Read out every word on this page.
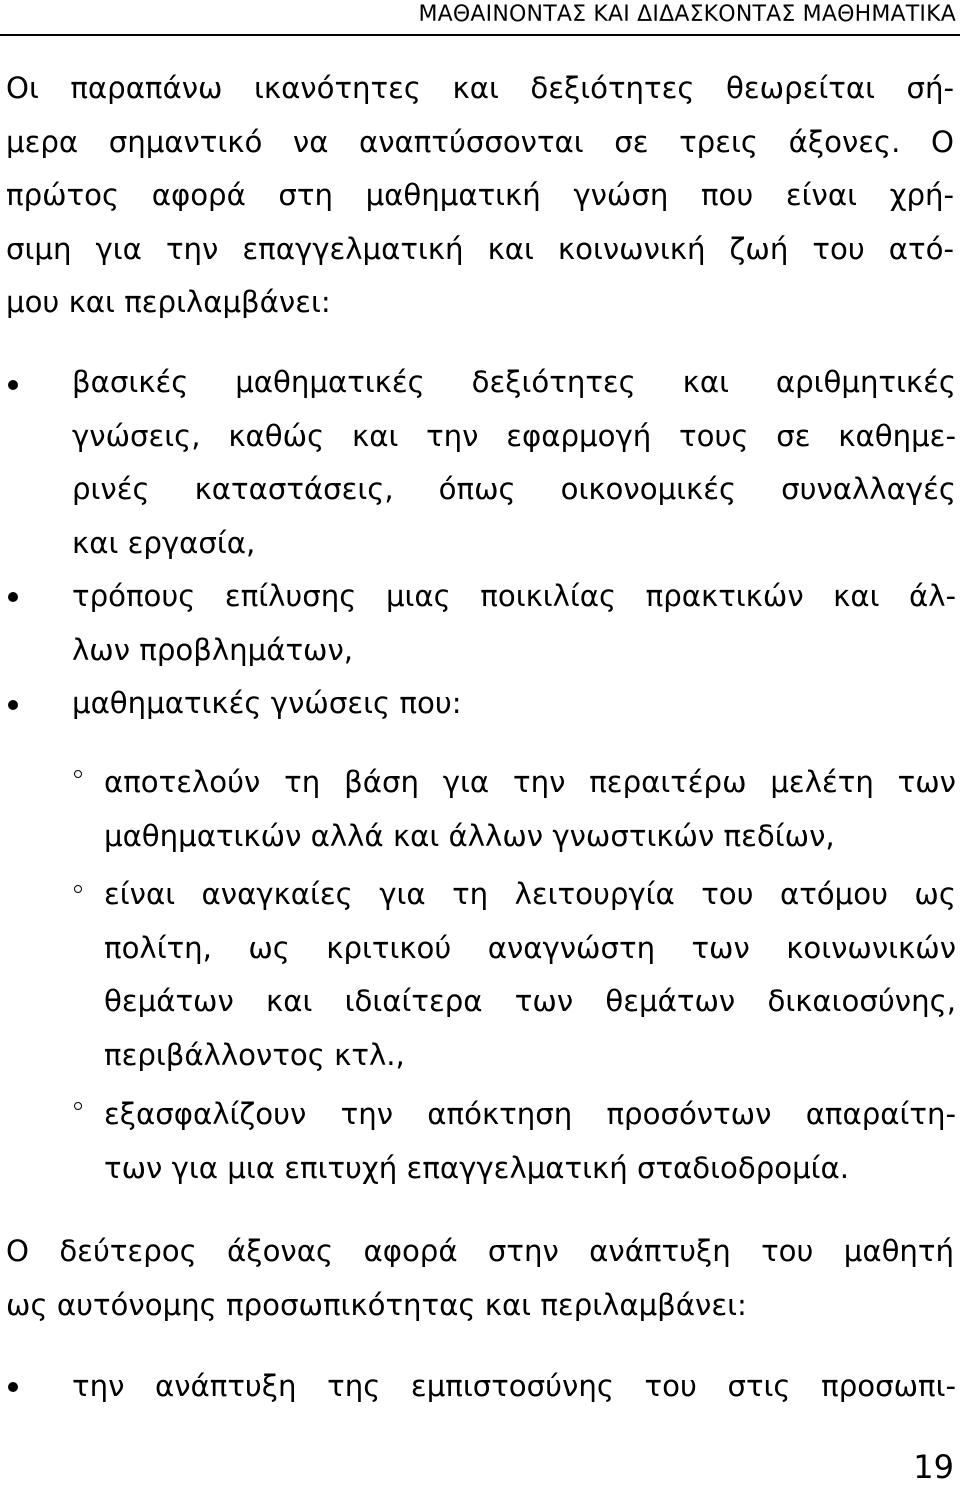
ΜΑΘΑΙΝΟΝΤΑΣ ΚΑΙ ΔΙΔΑΣΚΟΝΤΑΣ ΜΑΘΗΜΑΤΙΚΑ
Οι παραπάνω ικανότητες και δεξιότητες θεωρείται σή-
μερα σημαντικό να αναπτύσσονται σε τρεις άξονες. Ο
πρώτος αφορά στη μαθηματική γνώση που είναι χρή-
σιμη για την επαγγελματική και κοινωνική ζωή του ατό-
μου και περιλαμβάνει:
βασικές μαθηματικές δεξιότητες και αριθμητικές
γνώσεις, καθώς και την εφαρμογή τους σε καθημε-
ρινές καταστάσεις, όπως οικονομικές συναλλαγές
και εργασία,
τρόπους επίλυσης μιας ποικιλίας πρακτικών και άλ-
λων προβλημάτων,
μαθηματικές γνώσεις που:
αποτελούν τη βάση για την περαιτέρω μελέτη των
μαθηματικών αλλά και άλλων γνωστικών πεδίων,
είναι αναγκαίες για τη λειτουργία του ατόμου ως
πολίτη, ως κριτικού αναγνώστη των κοινωνικών
θεμάτων και ιδιαίτερα των θεμάτων δικαιοσύνης,
περιβάλλοντος κτλ.,
εξασφαλίζουν την απόκτηση προσόντων απαραίτη-
των για μια επιτυχή επαγγελματική σταδιοδρομία.
Ο δεύτερος άξονας αφορά στην ανάπτυξη του μαθητή
ως αυτόνομης προσωπικότητας και περιλαμβάνει:
την ανάπτυξη της εμπιστοσύνης του στις προσωπι-
19
